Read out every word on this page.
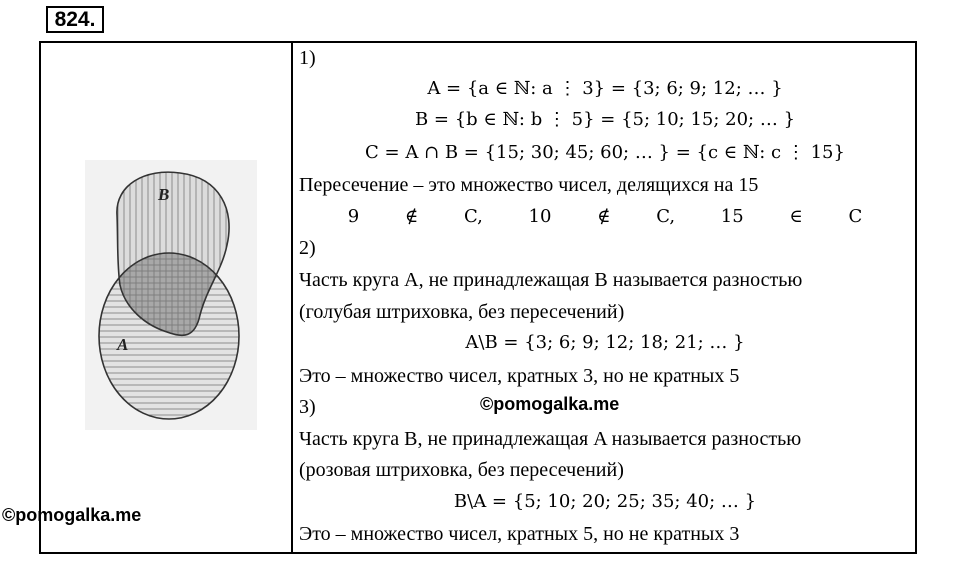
824.
B
A
1)
A = {a ∈ ℕ: a ⋮ 3} = {3; 6; 9; 12; … }
B = {b ∈ ℕ: b ⋮ 5} = {5; 10; 15; 20; … }
C = A ∩ B = {15; 30; 45; 60; … } = {c ∈ ℕ: c ⋮ 15}
Пересечение – это множество чисел, делящихся на 15
9 ∉ C, 10 ∉ C, 15 ∈ C
2)
Часть круга A, не принадлежащая B называется разностью
(голубая штриховка, без пересечений)
A\B = {3; 6; 9; 12; 18; 21; … }
Это – множество чисел, кратных 3, но не кратных 5
3)
Часть круга B, не принадлежащая A называется разностью
(розовая штриховка, без пересечений)
B\A = {5; 10; 20; 25; 35; 40; … }
Это – множество чисел, кратных 5, но не кратных 3
©pomogalka.me
©pomogalka.me
